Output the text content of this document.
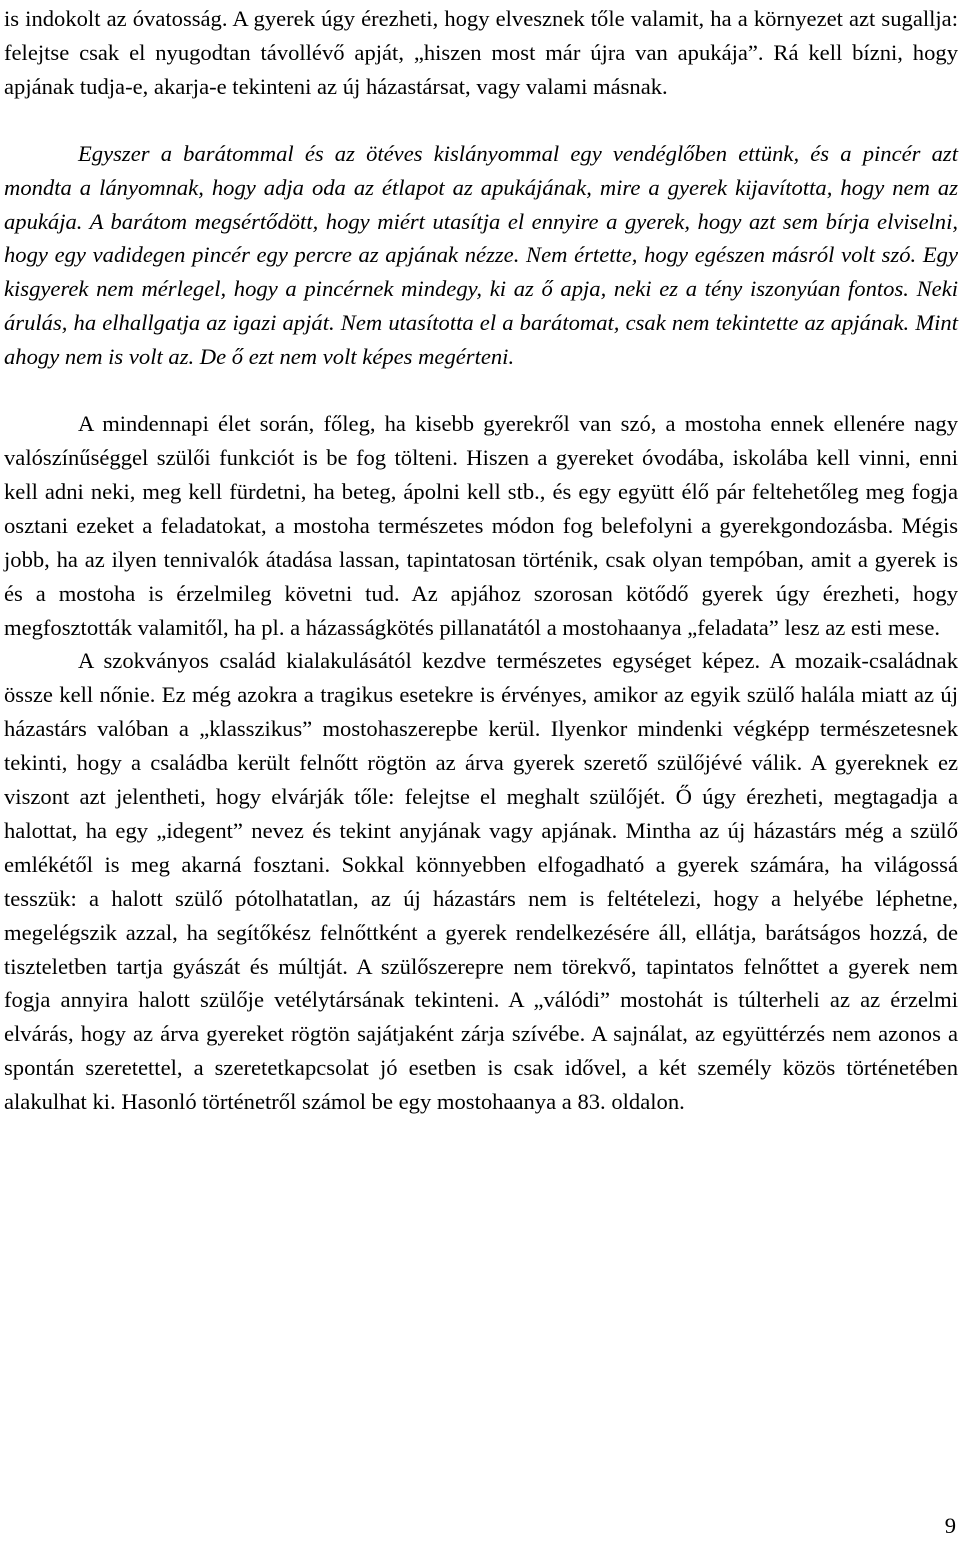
is indokolt az óvatosság. A gyerek úgy érezheti, hogy elvesznek tőle valamit, ha a környezet azt sugallja: felejtse csak el nyugodtan távollévő apját, „hiszen most már újra van apukája”. Rá kell bízni, hogy apjának tudja-e, akarja-e tekinteni az új házastársat, vagy valami másnak.

Egyszer a barátommal és az ötéves kislányommal egy vendéglőben ettünk, és a pincér azt mondta a lányomnak, hogy adja oda az étlapot az apukájának, mire a gyerek kijavította, hogy nem az apukája. A barátom megsértődött, hogy miért utasítja el ennyire a gyerek, hogy azt sem bírja elviselni, hogy egy vadidegen pincér egy percre az apjának nézze. Nem értette, hogy egészen másról volt szó. Egy kisgyerek nem mérlegel, hogy a pincérnek mindegy, ki az ő apja, neki ez a tény iszonyúan fontos. Neki árulás, ha elhallgatja az igazi apját. Nem utasította el a barátomat, csak nem tekintette az apjának. Mint ahogy nem is volt az. De ő ezt nem volt képes megérteni.

A mindennapi élet során, főleg, ha kisebb gyerekről van szó, a mostoha ennek ellenére nagy valószínűséggel szülői funkciót is be fog tölteni. Hiszen a gyereket óvodába, iskolába kell vinni, enni kell adni neki, meg kell fürdetni, ha beteg, ápolni kell stb., és egy együtt élő pár feltehetőleg meg fogja osztani ezeket a feladatokat, a mostoha természetes módon fog belefolyni a gyerekgondozásba. Mégis jobb, ha az ilyen tennivalók átadása lassan, tapintatosan történik, csak olyan tempóban, amit a gyerek is és a mostoha is érzelmileg követni tud. Az apjához szorosan kötődő gyerek úgy érezheti, hogy megfosztották valamitől, ha pl. a házasságkötés pillanatától a mostohaanya „feladata” lesz az esti mese.

A szokványos család kialakulásától kezdve természetes egységet képez. A mozaik-családnak össze kell nőnie. Ez még azokra a tragikus esetekre is érvényes, amikor az egyik szülő halála miatt az új házastárs valóban a „klasszikus” mostohaszerepbe kerül. Ilyenkor mindenki végképp természetesnek tekinti, hogy a családba került felnőtt rögtön az árva gyerek szerető szülőjévé válik. A gyereknek ez viszont azt jelentheti, hogy elvárják tőle: felejtse el meghalt szülőjét. Ő úgy érezheti, megtagadja a halottat, ha egy „idegent” nevez és tekint anyjának vagy apjának. Mintha az új házastárs még a szülő emlékétől is meg akarná fosztani. Sokkal könnyebben elfogadható a gyerek számára, ha világossá tesszük: a halott szülő pótolhatatlan, az új házastárs nem is feltételezi, hogy a helyébe léphetne, megelégszik azzal, ha segítőkész felnőttként a gyerek rendelkezésére áll, ellátja, barátságos hozzá, de tiszteletben tartja gyászát és múltját. A szülőszerepre nem törekvő, tapintatos felnőttet a gyerek nem fogja annyira halott szülője vetélytársának tekinteni. A „válódi” mostohát is túlterheli az az érzelmi elvárás, hogy az árva gyereket rögtön sajátjaként zárja szívébe. A sajnálat, az együttérzés nem azonos a spontán szeretettel, a szeretetkapcsolat jó esetben is csak idővel, a két személy közös történetében alakulhat ki. Hasonló történetről számol be egy mostohaanya a 83. oldalon.

9
